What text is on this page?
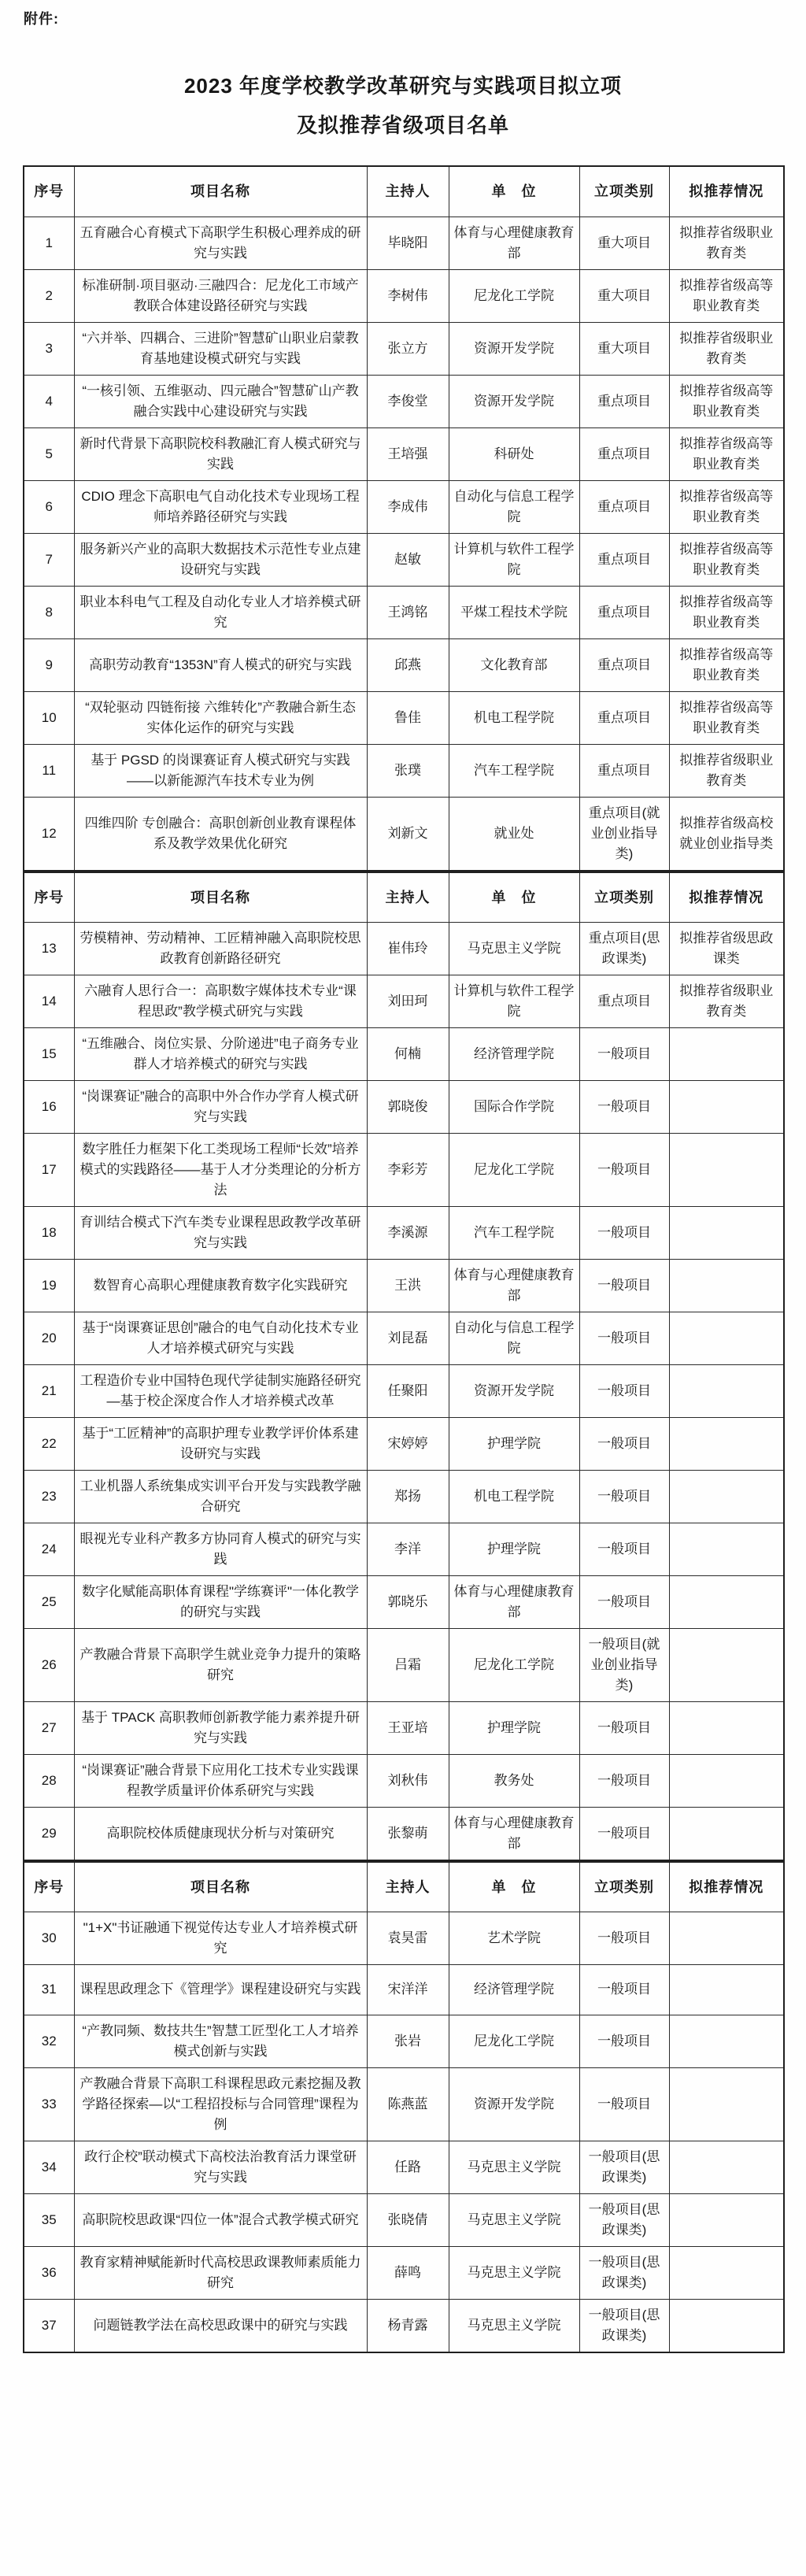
附件:
2023 年度学校教学改革研究与实践项目拟立项
及拟推荐省级项目名单
序号	项目名称	主持人	单　位	立项类别	拟推荐情况
1	五育融合心育模式下高职学生积极心理养成的研究与实践	毕晓阳	体育与心理健康教育部	重大项目	拟推荐省级职业教育类
2	标准研制·项目驱动·三融四合：尼龙化工市域产教联合体建设路径研究与实践	李树伟	尼龙化工学院	重大项目	拟推荐省级高等职业教育类
3	“六并举、四耦合、三进阶”智慧矿山职业启蒙教育基地建设模式研究与实践	张立方	资源开发学院	重大项目	拟推荐省级职业教育类
4	“一核引领、五维驱动、四元融合”智慧矿山产教融合实践中心建设研究与实践	李俊堂	资源开发学院	重点项目	拟推荐省级高等职业教育类
5	新时代背景下高职院校科教融汇育人模式研究与实践	王培强	科研处	重点项目	拟推荐省级高等职业教育类
6	CDIO 理念下高职电气自动化技术专业现场工程师培养路径研究与实践	李成伟	自动化与信息工程学院	重点项目	拟推荐省级高等职业教育类
7	服务新兴产业的高职大数据技术示范性专业点建设研究与实践	赵敏	计算机与软件工程学院	重点项目	拟推荐省级高等职业教育类
8	职业本科电气工程及自动化专业人才培养模式研究	王鸿铭	平煤工程技术学院	重点项目	拟推荐省级高等职业教育类
9	高职劳动教育“1353N”育人模式的研究与实践	邱燕	文化教育部	重点项目	拟推荐省级高等职业教育类
10	“双轮驱动 四链衔接 六维转化”产教融合新生态实体化运作的研究与实践	鲁佳	机电工程学院	重点项目	拟推荐省级高等职业教育类
11	基于 PGSD 的岗课赛证育人模式研究与实践——以新能源汽车技术专业为例	张璞	汽车工程学院	重点项目	拟推荐省级职业教育类
12	四维四阶 专创融合：高职创新创业教育课程体系及教学效果优化研究	刘新文	就业处	重点项目(就业创业指导类)	拟推荐省级高校就业创业指导类
序号	项目名称	主持人	单　位	立项类别	拟推荐情况
13	劳模精神、劳动精神、工匠精神融入高职院校思政教育创新路径研究	崔伟玲	马克思主义学院	重点项目(思政课类)	拟推荐省级思政课类
14	六融育人思行合一：高职数字媒体技术专业“课程思政”教学模式研究与实践	刘田珂	计算机与软件工程学院	重点项目	拟推荐省级职业教育类
15	“五维融合、岗位实景、分阶递进”电子商务专业群人才培养模式的研究与实践	何楠	经济管理学院	一般项目	
16	“岗课赛证”融合的高职中外合作办学育人模式研究与实践	郭晓俊	国际合作学院	一般项目	
17	数字胜任力框架下化工类现场工程师“长效”培养模式的实践路径——基于人才分类理论的分析方法	李彩芳	尼龙化工学院	一般项目	
18	育训结合模式下汽车类专业课程思政教学改革研究与实践	李溪源	汽车工程学院	一般项目	
19	数智育心高职心理健康教育数字化实践研究	王洪	体育与心理健康教育部	一般项目	
20	基于“岗课赛证思创”融合的电气自动化技术专业人才培养模式研究与实践	刘昆磊	自动化与信息工程学院	一般项目	
21	工程造价专业中国特色现代学徒制实施路径研究—基于校企深度合作人才培养模式改革	任聚阳	资源开发学院	一般项目	
22	基于“工匠精神”的高职护理专业教学评价体系建设研究与实践	宋婷婷	护理学院	一般项目	
23	工业机器人系统集成实训平台开发与实践教学融合研究	郑扬	机电工程学院	一般项目	
24	眼视光专业科产教多方协同育人模式的研究与实践	李洋	护理学院	一般项目	
25	数字化赋能高职体育课程"学练赛评"一体化教学的研究与实践	郭晓乐	体育与心理健康教育部	一般项目	
26	产教融合背景下高职学生就业竞争力提升的策略研究	吕霜	尼龙化工学院	一般项目(就业创业指导类)	
27	基于 TPACK 高职教师创新教学能力素养提升研究与实践	王亚培	护理学院	一般项目	
28	“岗课赛证”融合背景下应用化工技术专业实践课程教学质量评价体系研究与实践	刘秋伟	教务处	一般项目	
29	高职院校体质健康现状分析与对策研究	张黎萌	体育与心理健康教育部	一般项目	
序号	项目名称	主持人	单　位	立项类别	拟推荐情况
30	"1+X"书证融通下视觉传达专业人才培养模式研究	袁昊雷	艺术学院	一般项目	
31	课程思政理念下《管理学》课程建设研究与实践	宋洋洋	经济管理学院	一般项目	
32	“产教同频、数技共生”智慧工匠型化工人才培养模式创新与实践	张岩	尼龙化工学院	一般项目	
33	产教融合背景下高职工科课程思政元素挖掘及教学路径探索—以“工程招投标与合同管理”课程为例	陈燕蓝	资源开发学院	一般项目	
34	政行企校”联动模式下高校法治教育活力课堂研究与实践	任路	马克思主义学院	一般项目(思政课类)	
35	高职院校思政课“四位一体”混合式教学模式研究	张晓倩	马克思主义学院	一般项目(思政课类)	
36	教育家精神赋能新时代高校思政课教师素质能力研究	薛鸣	马克思主义学院	一般项目(思政课类)	
37	问题链教学法在高校思政课中的研究与实践	杨青露	马克思主义学院	一般项目(思政课类)	
